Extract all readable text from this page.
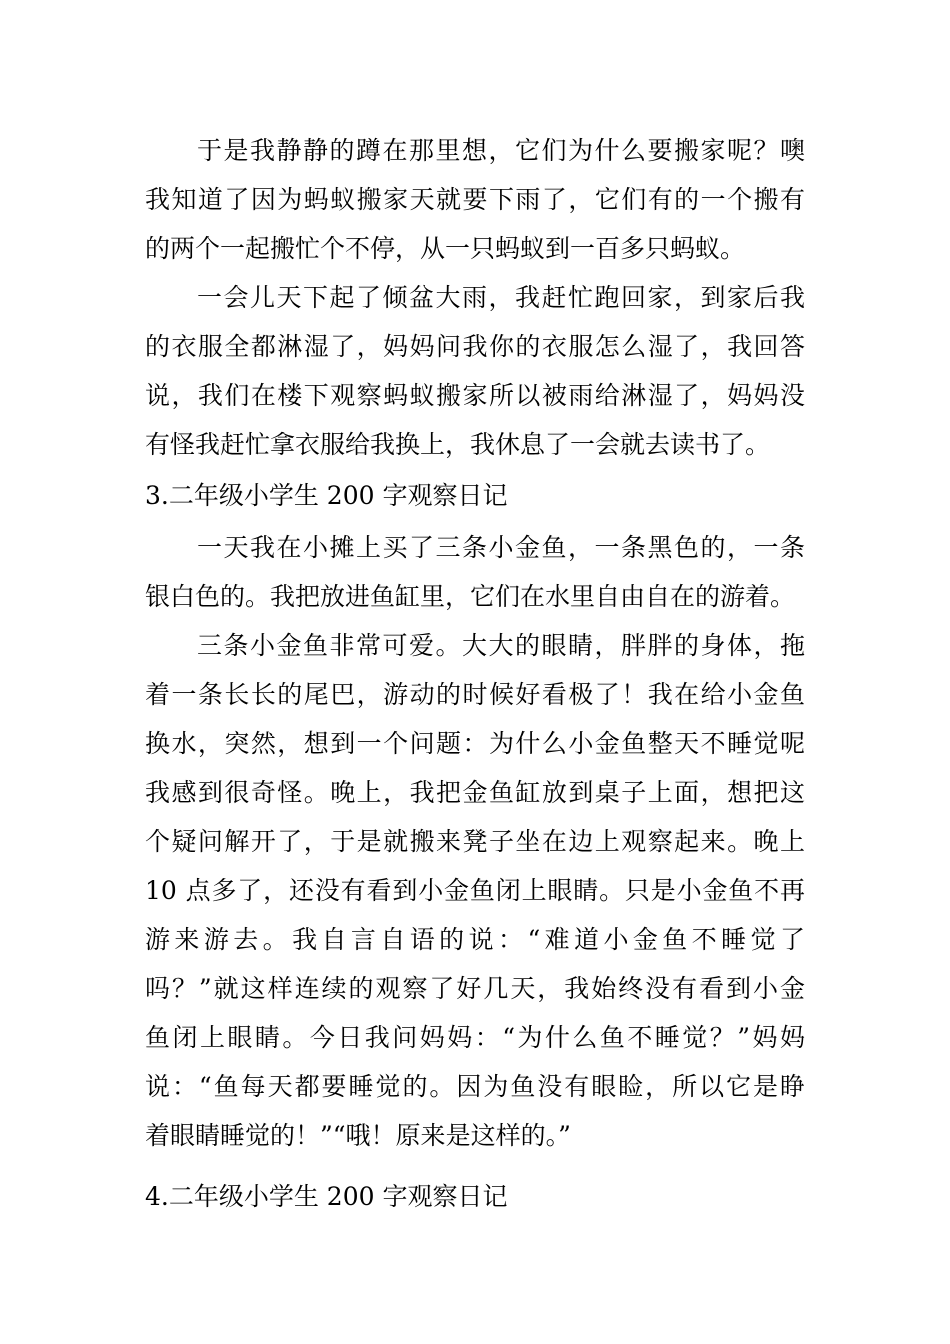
于是我静静的蹲在那里想，它们为什么要搬家呢？噢
我知道了因为蚂蚁搬家天就要下雨了，它们有的一个搬有
的两个一起搬忙个不停，从一只蚂蚁到一百多只蚂蚁。
一会儿天下起了倾盆大雨，我赶忙跑回家，到家后我
的衣服全都淋湿了，妈妈问我你的衣服怎么湿了，我回答
说，我们在楼下观察蚂蚁搬家所以被雨给淋湿了，妈妈没
有怪我赶忙拿衣服给我换上，我休息了一会就去读书了。
3.二年级小学生 200 字观察日记
一天我在小摊上买了三条小金鱼，一条黑色的，一条
银白色的。我把放进鱼缸里，它们在水里自由自在的游着。
三条小金鱼非常可爱。大大的眼睛，胖胖的身体，拖
着一条长长的尾巴，游动的时候好看极了！我在给小金鱼
换水，突然，想到一个问题：为什么小金鱼整天不睡觉呢
我感到很奇怪。晚上，我把金鱼缸放到桌子上面，想把这
个疑问解开了，于是就搬来凳子坐在边上观察起来。晚上
10 点多了，还没有看到小金鱼闭上眼睛。只是小金鱼不再
游来游去。我自言自语的说：“难道小金鱼不睡觉了
吗？”就这样连续的观察了好几天，我始终没有看到小金
鱼闭上眼睛。今日我问妈妈：“为什么鱼不睡觉？”妈妈
说：“鱼每天都要睡觉的。因为鱼没有眼睑，所以它是睁
着眼睛睡觉的！”“哦！原来是这样的。”
4.二年级小学生 200 字观察日记
